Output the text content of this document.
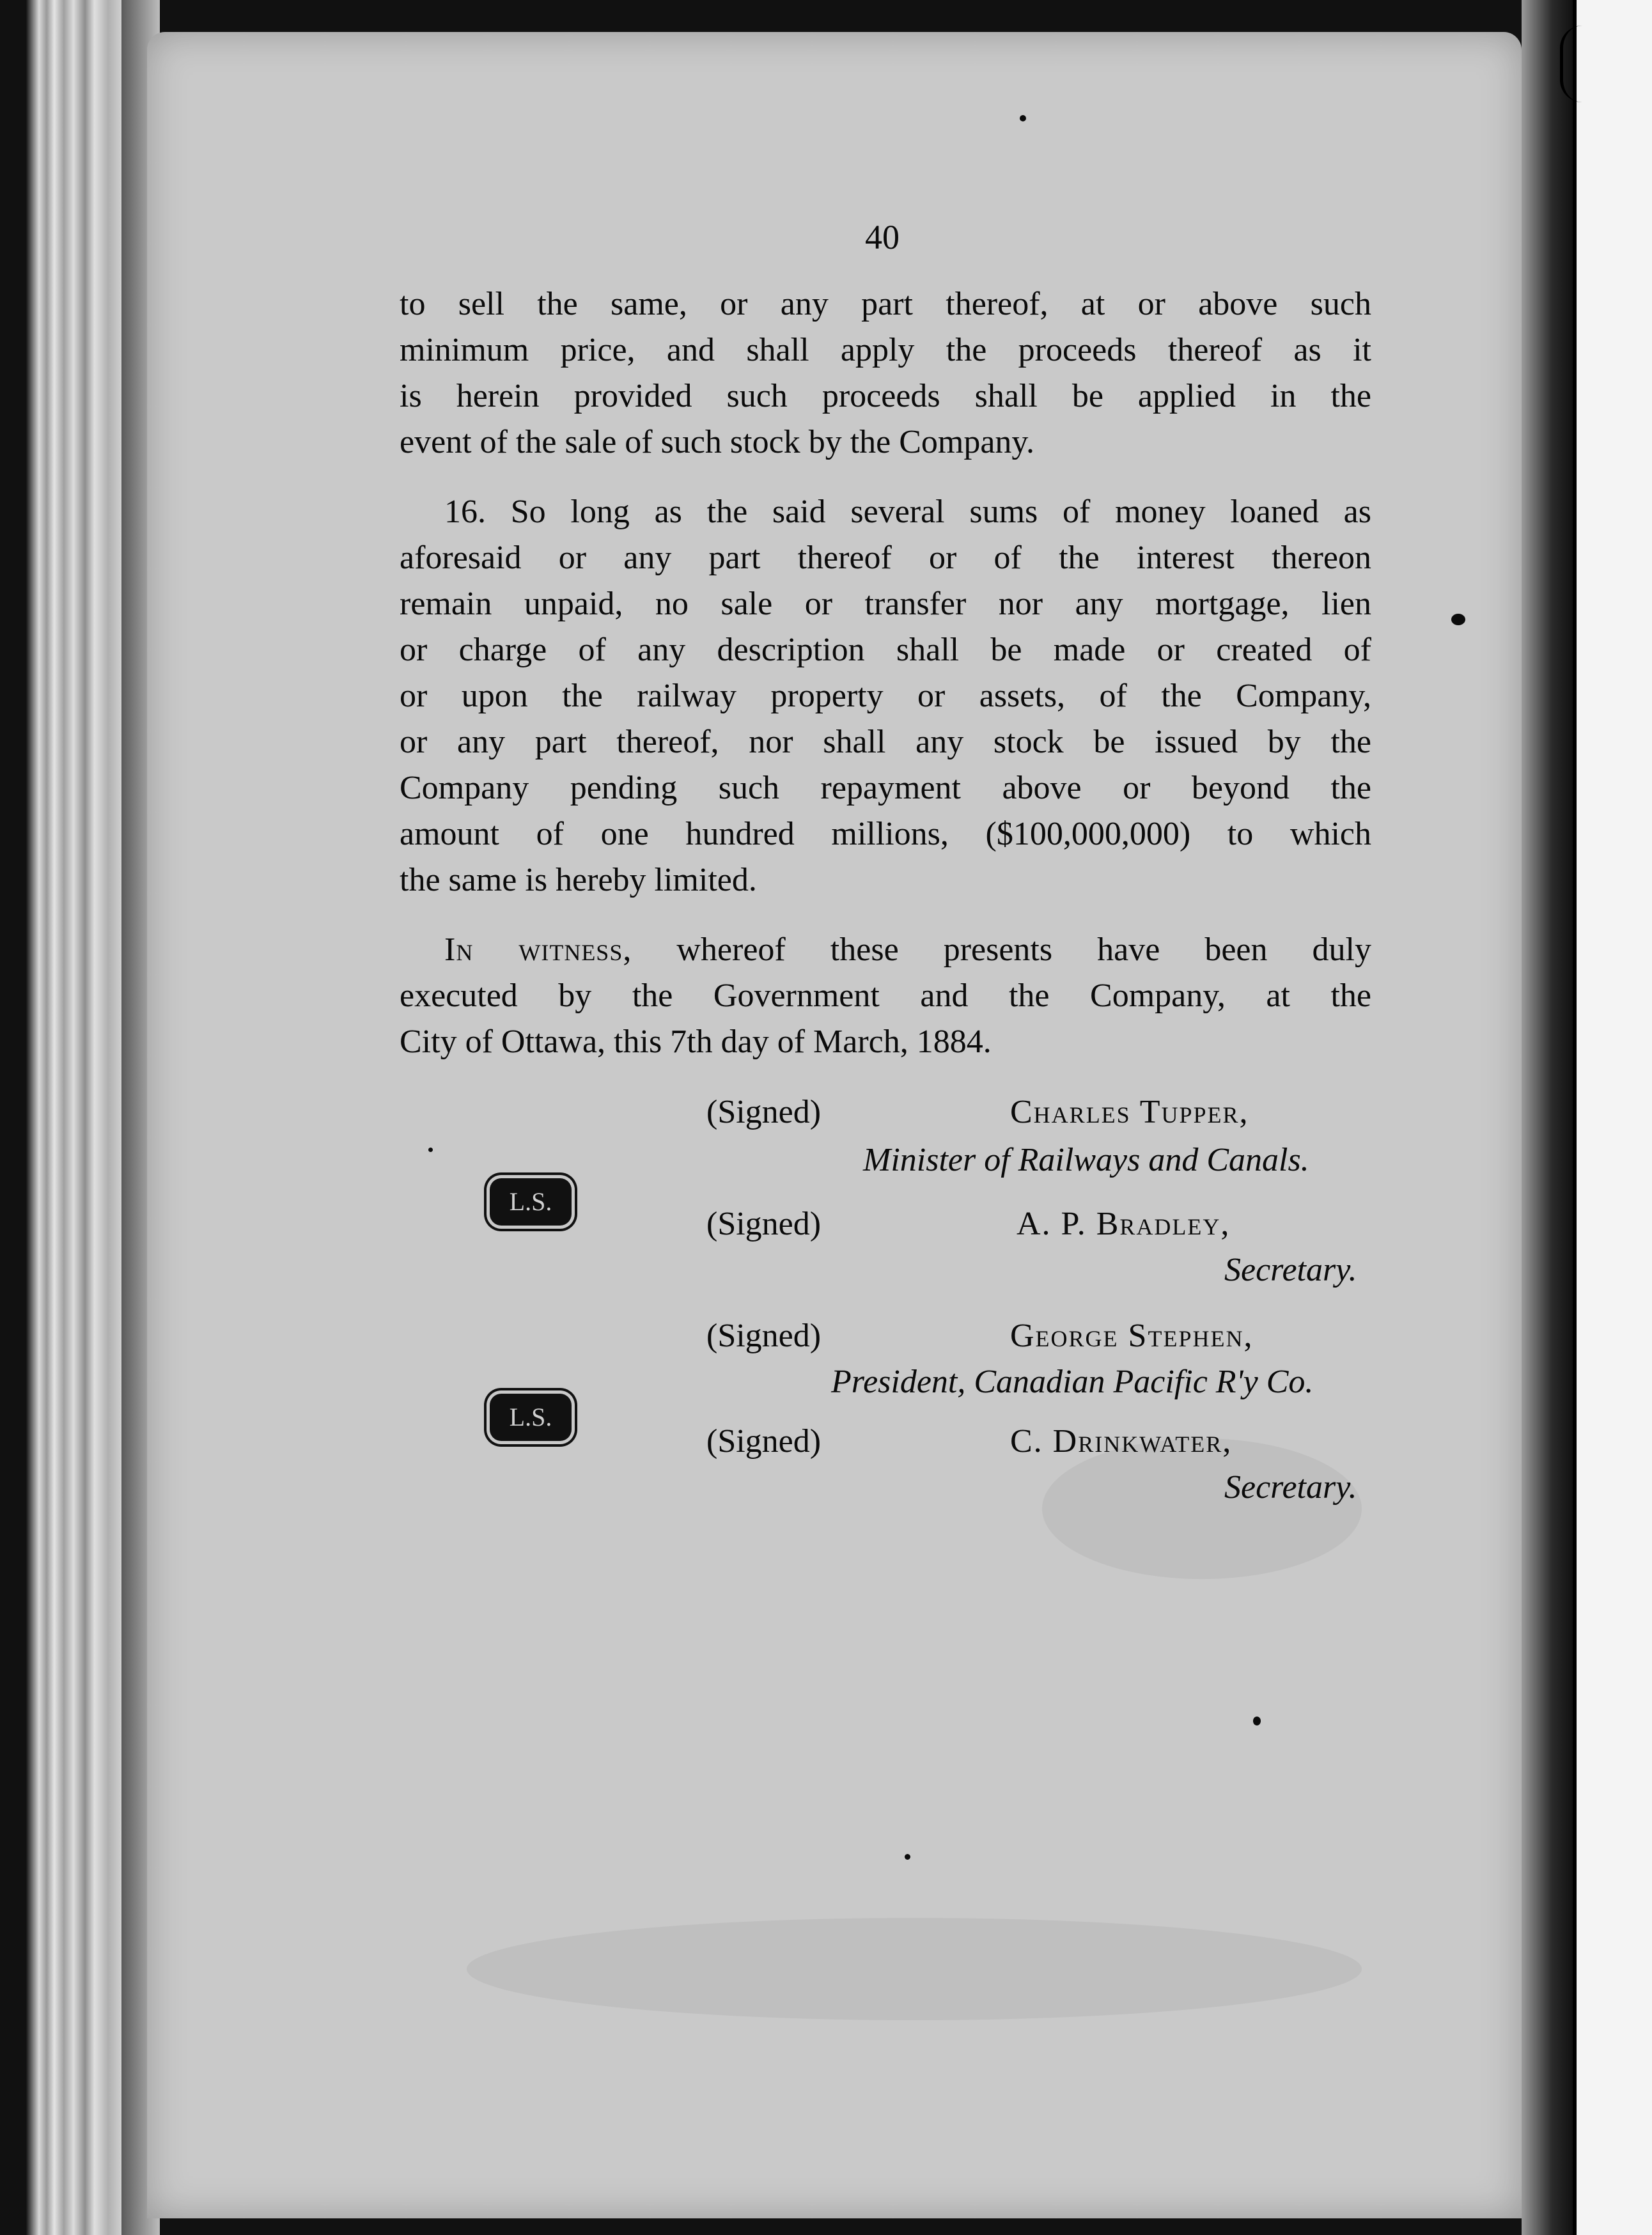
40
to sell the same, or any part thereof, at or above such
minimum price, and shall apply the proceeds thereof as it
is herein provided such proceeds shall be applied in the
event of the sale of such stock by the Company.
16. So long as the said several sums of money loaned as
aforesaid or any part thereof or of the interest thereon
remain unpaid, no sale or transfer nor any mortgage, lien
or charge of any description shall be made or created of
or upon the railway property or assets, of the Company,
or any part thereof, nor shall any stock be issued by the
Company pending such repayment above or beyond the
amount of one hundred millions, ($100,000,000) to which
the same is hereby limited.
In witness, whereof these presents have been duly
executed by the Government and the Company, at the
City of Ottawa, this 7th day of March, 1884.
(Signed)	Charles Tupper,
Minister of Railways and Canals.
(Signed)	A. P. Bradley,
Secretary.
(Signed)	George Stephen,
President, Canadian Pacific R'y Co.
(Signed)	C. Drinkwater,
Secretary.
L.S.
L.S.
